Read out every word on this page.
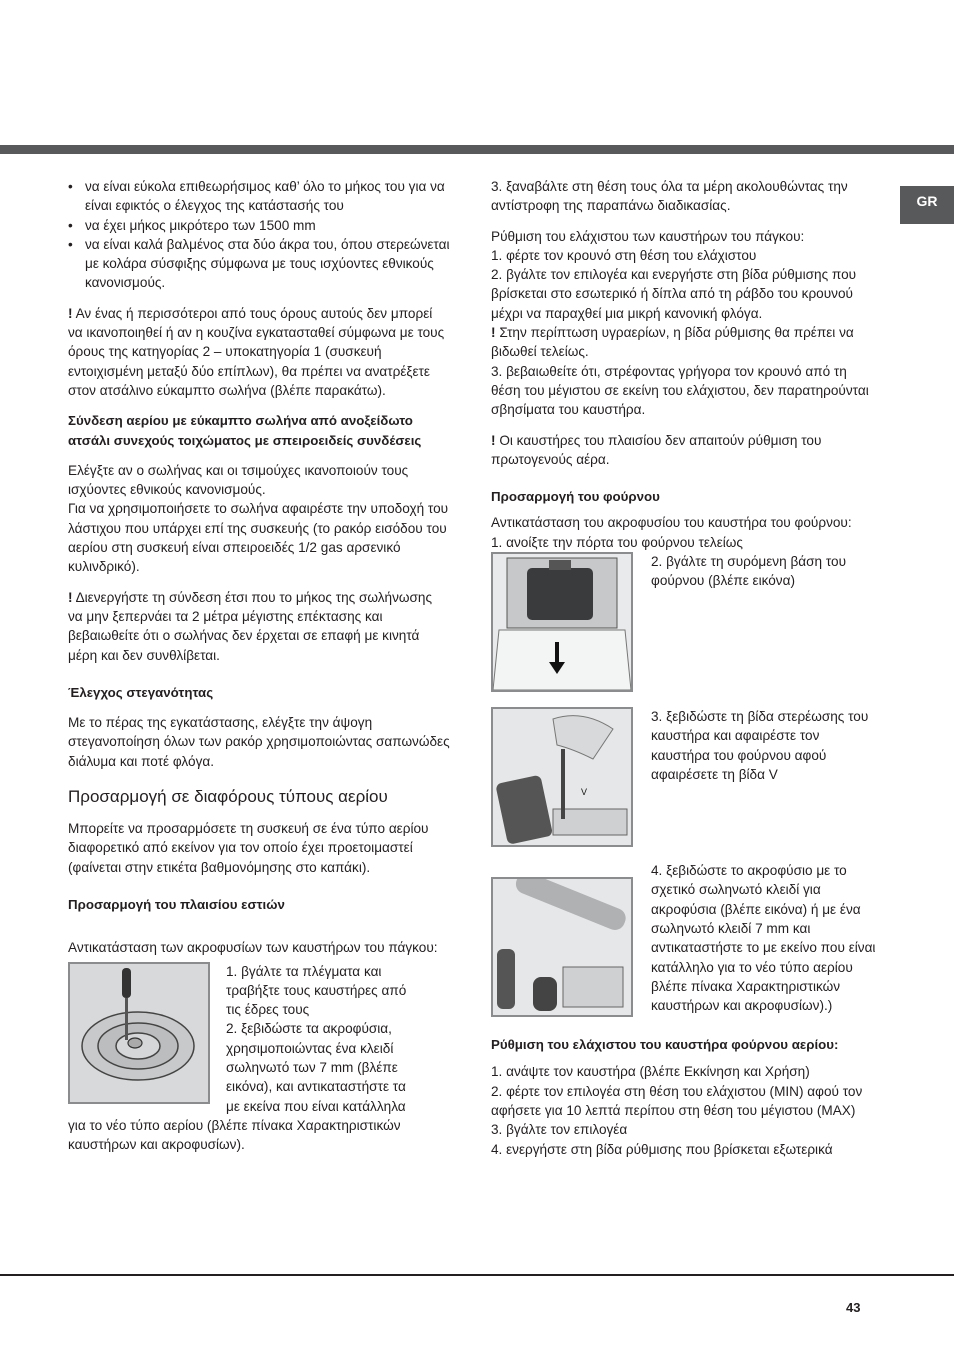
GR
• να είναι εύκολα επιθεωρήσιμος καθ’ όλο το μήκος του για να είναι εφικτός ο έλεγχος της κατάστασής του
• να έχει μήκος μικρότερο των 1500 mm
• να είναι καλά βαλμένος στα δύο άκρα του, όπου στερεώνεται με κολάρα σύσφιξης σύμφωνα με τους ισχύοντες εθνικούς κανονισμούς.

! Αν ένας ή περισσότεροι από τους όρους αυτούς δεν μπορεί να ικανοποιηθεί ή αν η κουζίνα εγκατασταθεί σύμφωνα με τους όρους της κατηγορίας 2 – υποκατηγορία 1 (συσκευή εντοιχισμένη μεταξύ δύο επίπλων), θα πρέπει να ανατρέξετε στον ατσάλινο εύκαμπτο σωλήνα (βλέπε παρακάτω).

Σύνδεση αερίου με εύκαμπτο σωλήνα από ανοξείδωτο ατσάλι συνεχούς τοιχώματος με σπειροειδείς συνδέσεις

Ελέγξτε αν ο σωλήνας και οι τσιμούχες ικανοποιούν τους ισχύοντες εθνικούς κανονισμούς.

Για να χρησιμοποιήσετε το σωλήνα αφαιρέστε την υποδοχή του λάστιχου που υπάρχει επί της συσκευής (το ρακόρ εισόδου του αερίου στη συσκευή είναι σπειροειδές 1/2 gas αρσενικό κυλινδρικό).

! Διενεργήστε τη σύνδεση έτσι που το μήκος της σωλήνωσης να μην ξεπερνάει τα 2 μέτρα μέγιστης επέκτασης και βεβαιωθείτε ότι ο σωλήνας δεν έρχεται σε επαφή με κινητά μέρη και δεν συνθλίβεται.

Έλεγχος στεγανότητας

Με το πέρας της εγκατάστασης, ελέγξτε την άψογη στεγανοποίηση όλων των ρακόρ χρησιμοποιώντας σαπωνώδες διάλυμα και ποτέ φλόγα.

Προσαρμογή σε διαφόρους τύπους αερίου

Μπορείτε να προσαρμόσετε τη συσκευή σε ένα τύπο αερίου διαφορετικό από εκείνον για τον οποίο έχει προετοιμαστεί (φαίνεται στην ετικέτα βαθμονόμησης στο καπάκι).

Προσαρμογή του πλαισίου εστιών

Αντικατάσταση των ακροφυσίων των καυστήρων του πάγκου:

1. βγάλτε τα πλέγματα και

τραβήξτε τους καυστήρες από

τις έδρες τους

2. ξεβιδώστε τα ακροφύσια,

χρησιμοποιώντας ένα κλειδί

σωληνωτό των 7 mm (βλέπε

εικόνα), και αντικαταστήστε τα

με εκείνα που είναι κατάλληλα

για το νέο τύπο αερίου (βλέπε πίνακα Χαρακτηριστικών καυστήρων και ακροφυσίων).

3. ξαναβάλτε στη θέση τους όλα τα μέρη ακολουθώντας την αντίστροφη της παραπάνω διαδικασίας.

Ρύθμιση του ελάχιστου των καυστήρων του πάγκου:

1. φέρτε τον κρουνό στη θέση του ελάχιστου

2. βγάλτε τον επιλογέα και ενεργήστε στη βίδα ρύθμισης που βρίσκεται στο εσωτερικό ή δίπλα από τη ράβδο του κρουνού μέχρι να παραχθεί μια μικρή κανονική φλόγα.

! Στην περίπτωση υγραερίων, η βίδα ρύθμισης θα πρέπει να βιδωθεί τελείως.

3. βεβαιωθείτε ότι, στρέφοντας γρήγορα τον κρουνό από τη θέση του μέγιστου σε εκείνη του ελάχιστου, δεν παρατηρούνται σβησίματα του καυστήρα.

! Οι καυστήρες του πλαισίου δεν απαιτούν ρύθμιση του πρωτογενούς αέρα.

Προσαρμογή του φούρνου

Αντικατάσταση του ακροφυσίου του καυστήρα του φούρνου:

1. ανοίξτε την πόρτα του φούρνου τελείως

2. βγάλτε τη συρόμενη βάση του φούρνου (βλέπε εικόνα)

V

3. ξεβιδώστε τη βίδα στερέωσης του καυστήρα και αφαιρέστε τον καυστήρα του φούρνου αφού αφαιρέσετε τη βίδα V

4. ξεβιδώστε το ακροφύσιο με το σχετικό σωληνωτό κλειδί για ακροφύσια (βλέπε εικόνα) ή με ένα σωληνωτό κλειδί 7 mm και αντικαταστήστε το με εκείνο που είναι κατάλληλο για το νέο τύπο αερίου βλέπε πίνακα Χαρακτηριστικών καυστήρων και ακροφυσίων).)

Ρύθμιση του ελάχιστου του καυστήρα φούρνου αερίου:

1. ανάψτε τον καυστήρα (βλέπε Εκκίνηση και Χρήση)

2. φέρτε τον επιλογέα στη θέση του ελάχιστου (MIN) αφού τον αφήσετε για 10 λεπτά περίπου στη θέση του μέγιστου (MAX)

3. βγάλτε τον επιλογέα

4. ενεργήστε στη βίδα ρύθμισης που βρίσκεται εξωτερικά

43
